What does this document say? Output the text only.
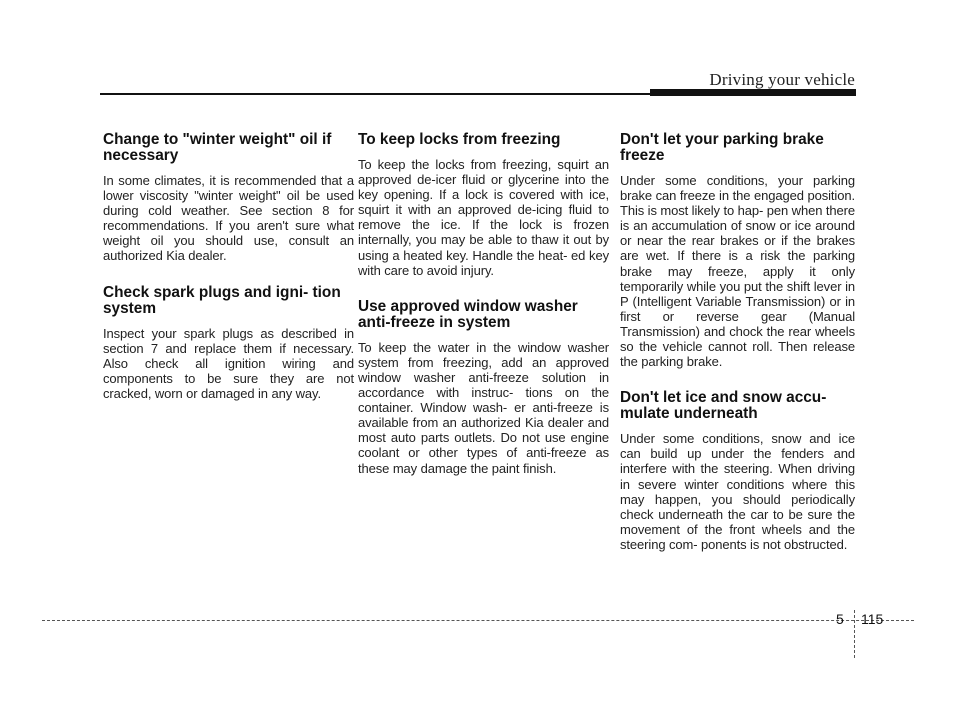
Driving your vehicle
Change to "winter weight" oil if necessary

In some climates, it is recommended that a lower viscosity "winter weight" oil be used during cold weather. See section 8 for recommendations. If you aren't sure what weight oil you should use, consult an authorized Kia dealer.

Check spark plugs and igni- tion system

Inspect your spark plugs as described in section 7 and replace them if necessary. Also check all ignition wiring and components to be sure they are not cracked, worn or damaged in any way.

To keep locks from freezing

To keep the locks from freezing, squirt an approved de-icer fluid or glycerine into the key opening. If a lock is covered with ice, squirt it with an approved de-icing fluid to remove the ice. If the lock is frozen internally, you may be able to thaw it out by using a heated key. Handle the heat- ed key with care to avoid injury.

Use approved window washer anti-freeze in system

To keep the water in the window washer system from freezing, add an approved window washer anti-freeze solution in accordance with instruc- tions on the container. Window wash- er anti-freeze is available from an authorized Kia dealer and most auto parts outlets. Do not use engine coolant or other types of anti-freeze as these may damage the paint finish.

Don't let your parking brake freeze

Under some conditions, your parking brake can freeze in the engaged position. This is most likely to hap- pen when there is an accumulation of snow or ice around or near the rear brakes or if the brakes are wet. If there is a risk the parking brake may freeze, apply it only temporarily while you put the shift lever in P (Intelligent Variable Transmission) or in first or reverse gear (Manual Transmission) and chock the rear wheels so the vehicle cannot roll. Then release the parking brake.

Don't let ice and snow accu- mulate underneath

Under some conditions, snow and ice can build up under the fenders and interfere with the steering. When driving in severe winter conditions where this may happen, you should periodically check underneath the car to be sure the movement of the front wheels and the steering com- ponents is not obstructed.

5 115
